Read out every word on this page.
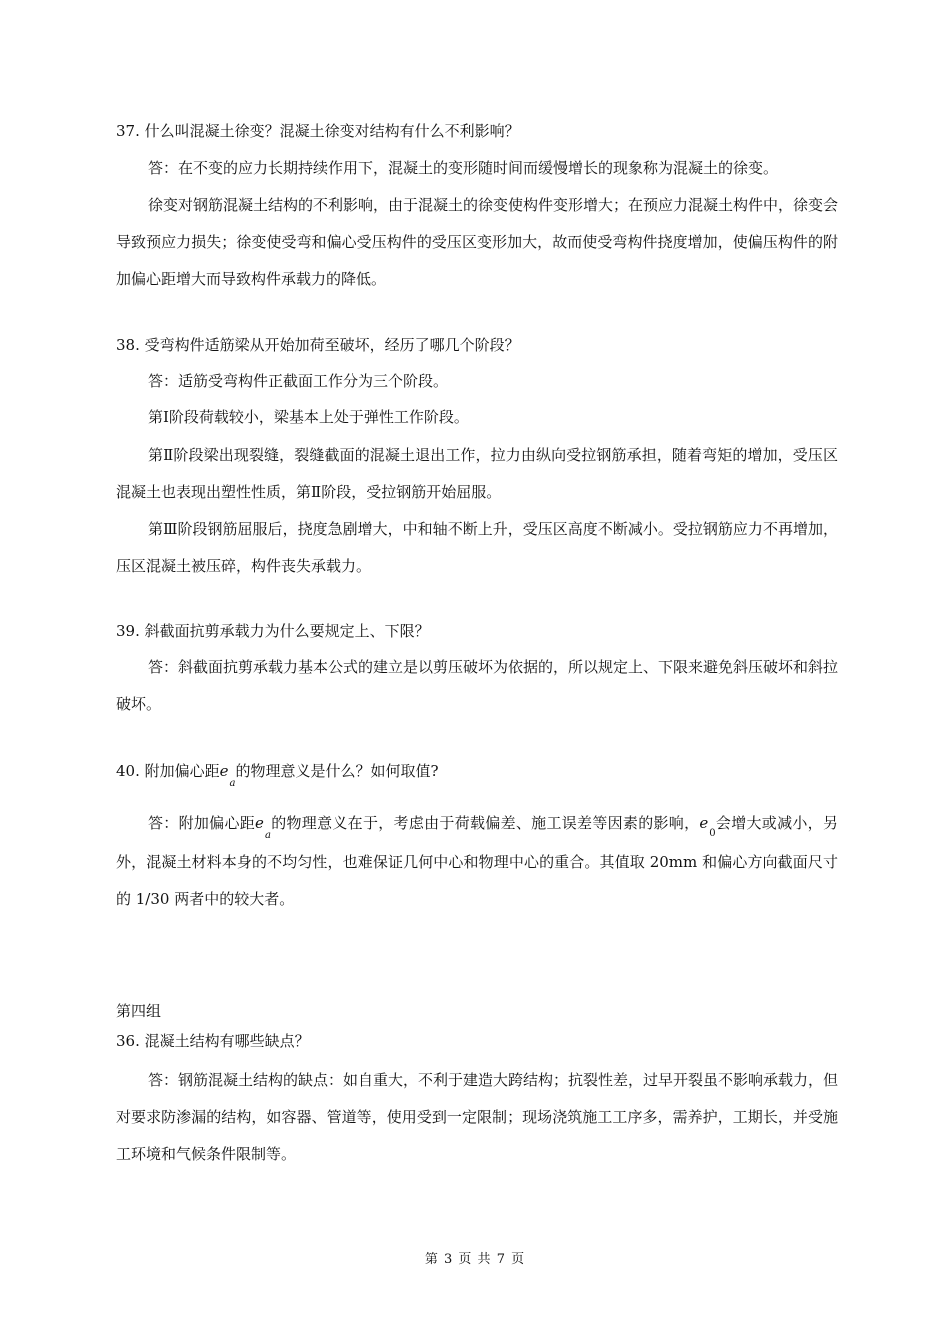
37. 什么叫混凝土徐变？混凝土徐变对结构有什么不利影响？

答：在不变的应力长期持续作用下，混凝土的变形随时间而缓慢增长的现象称为混凝土的徐变。

徐变对钢筋混凝土结构的不利影响，由于混凝土的徐变使构件变形增大；在预应力混凝土构件中，徐变会导致预应力损失；徐变使受弯和偏心受压构件的受压区变形加大，故而使受弯构件挠度增加，使偏压构件的附加偏心距增大而导致构件承载力的降低。

38. 受弯构件适筋梁从开始加荷至破坏，经历了哪几个阶段？

答：适筋受弯构件正截面工作分为三个阶段。

第Ⅰ阶段荷载较小，梁基本上处于弹性工作阶段。

第Ⅱ阶段梁出现裂缝，裂缝截面的混凝土退出工作，拉力由纵向受拉钢筋承担，随着弯矩的增加，受压区混凝土也表现出塑性性质，第Ⅱ阶段，受拉钢筋开始屈服。

第Ⅲ阶段钢筋屈服后，挠度急剧增大，中和轴不断上升，受压区高度不断减小。受拉钢筋应力不再增加，压区混凝土被压碎，构件丧失承载力。

39. 斜截面抗剪承载力为什么要规定上、下限？

答：斜截面抗剪承载力基本公式的建立是以剪压破坏为依据的，所以规定上、下限来避免斜压破坏和斜拉破坏。

40. 附加偏心距$e_a$的物理意义是什么？如何取值?

答：附加偏心距$e_a$的物理意义在于，考虑由于荷载偏差、施工误差等因素的影响，$e_0$会增大或减小，另外，混凝土材料本身的不均匀性，也难保证几何中心和物理中心的重合。其值取 20mm 和偏心方向截面尺寸的 1/30 两者中的较大者。

第四组
36. 混凝土结构有哪些缺点？

答：钢筋混凝土结构的缺点：如自重大，不利于建造大跨结构；抗裂性差，过早开裂虽不影响承载力，但对要求防渗漏的结构，如容器、管道等，使用受到一定限制；现场浇筑施工工序多，需养护，工期长，并受施工环境和气候条件限制等。

第 3 页 共 7 页
